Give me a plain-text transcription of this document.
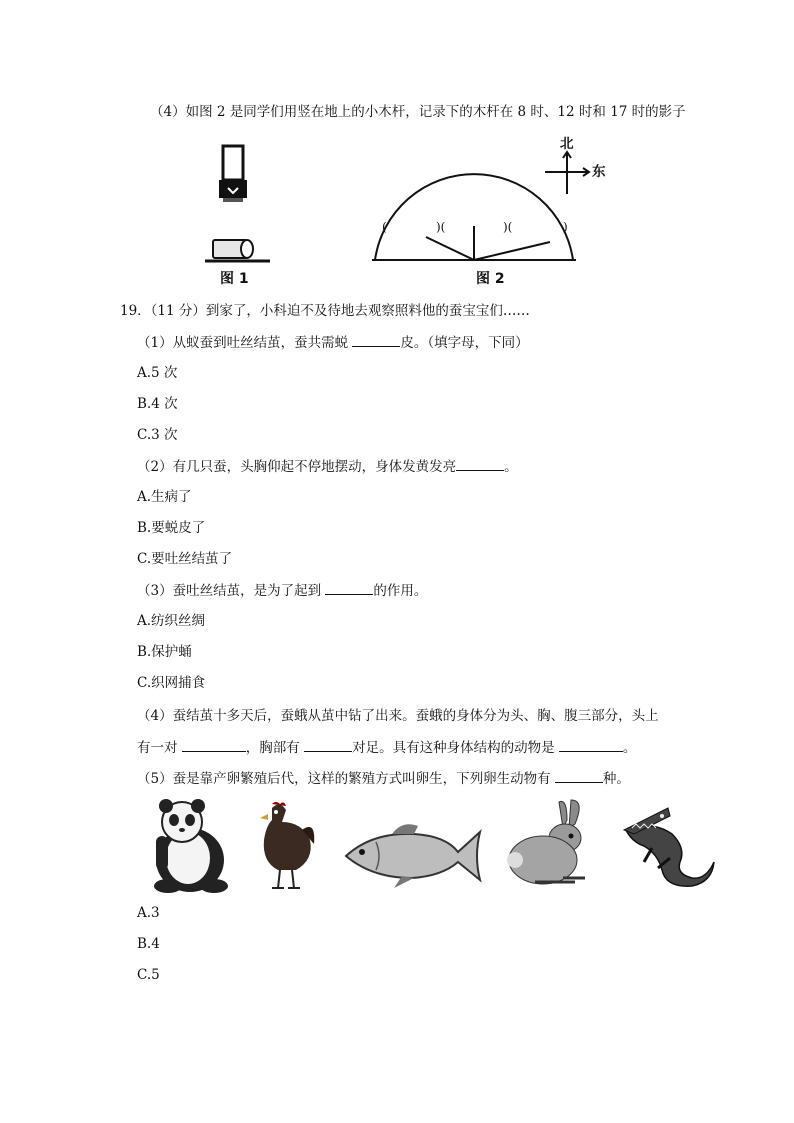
（4）如图 2 是同学们用竖在地上的小木杆，记录下的木杆在 8 时、12 时和 17 时的影子
图 1
(	)(	)(	)
图 2
北
东
19．（11 分）到家了，小科迫不及待地去观察照料他的蚕宝宝们……
（1）从蚁蚕到吐丝结茧，蚕共需蜕	皮。（填字母，下同）
A.5 次
B.4 次
C.3 次
（2）有几只蚕，头胸仰起不停地摆动，身体发黄发亮	。
A.生病了
B.要蜕皮了
C.要吐丝结茧了
（3）蚕吐丝结茧，是为了起到	的作用。
A.纺织丝绸
B.保护蛹
C.织网捕食
（4）蚕结茧十多天后，蚕蛾从茧中钻了出来。蚕蛾的身体分为头、胸、腹三部分，头上
有一对	，胸部有	对足。具有这种身体结构的动物是	。
（5）蚕是靠产卵繁殖后代，这样的繁殖方式叫卵生，下列卵生动物有	种。
A.3
B.4
C.5
